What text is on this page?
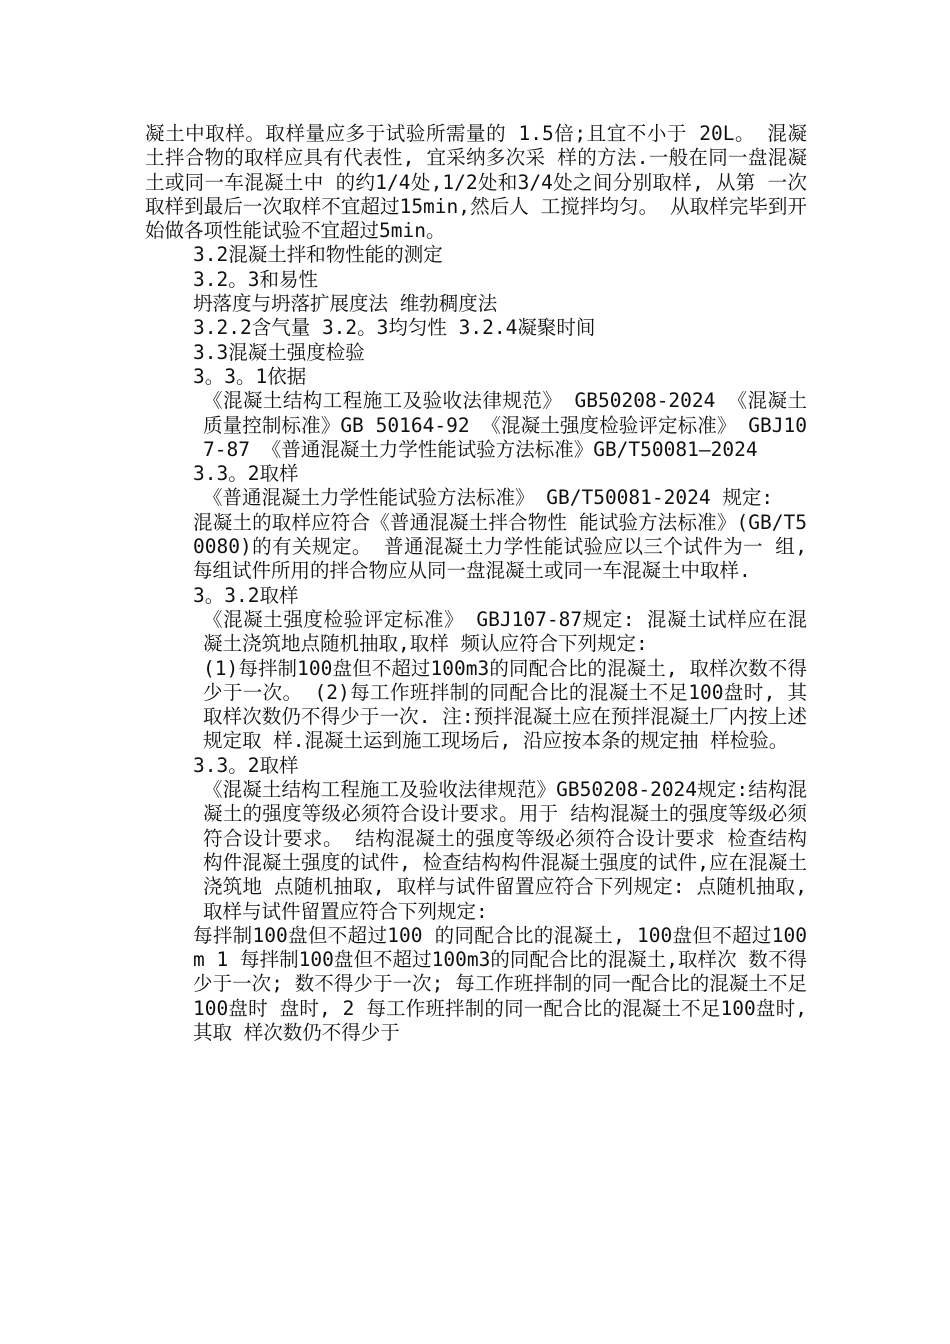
凝土中取样。取样量应多于试验所需量的 1.5倍;且宜不小于 20L。 混凝土拌合物的取样应具有代表性, 宜采纳多次采 样的方法.一般在同一盘混凝土或同一车混凝土中 的约1/4处,1/2处和3/4处之间分别取样, 从第 一次取样到最后一次取样不宜超过15min,然后人 工搅拌均匀。 从取样完毕到开始做各项性能试验不宜超过5min。

3.2混凝土拌和物性能的测定

3.2。3和易性

坍落度与坍落扩展度法 维勃稠度法

3.2.2含气量 3.2。3均匀性 3.2.4凝聚时间

3.3混凝土强度检验

3。3。1依据

《混凝土结构工程施工及验收法律规范》 GB50208-2024 《混凝土质量控制标准》GB 50164-92 《混凝土强度检验评定标准》 GBJ107-87 《普通混凝土力学性能试验方法标准》GB/T50081—2024

3.3。2取样

《普通混凝土力学性能试验方法标准》 GB/T50081-2024 规定:

混凝土的取样应符合《普通混凝土拌合物性 能试验方法标准》(GB/T50080)的有关规定。 普通混凝土力学性能试验应以三个试件为一 组, 每组试件所用的拌合物应从同一盘混凝土或同一车混凝土中取样.

3。3.2取样

《混凝土强度检验评定标准》 GBJ107-87规定: 混凝土试样应在混凝土浇筑地点随机抽取,取样 频认应符合下列规定:

(1)每拌制100盘但不超过100m3的同配合比的混凝土, 取样次数不得少于一次。 (2)每工作班拌制的同配合比的混凝土不足100盘时, 其取样次数仍不得少于一次. 注:预拌混凝土应在预拌混凝土厂内按上述规定取 样.混凝土运到施工现场后, 沿应按本条的规定抽 样检验。

3.3。2取样

《混凝土结构工程施工及验收法律规范》GB50208-2024规定:结构混凝土的强度等级必须符合设计要求。用于 结构混凝土的强度等级必须符合设计要求。 结构混凝土的强度等级必须符合设计要求 检查结构构件混凝土强度的试件, 检查结构构件混凝土强度的试件,应在混凝土浇筑地 点随机抽取, 取样与试件留置应符合下列规定: 点随机抽取,取样与试件留置应符合下列规定:

每拌制100盘但不超过100 的同配合比的混凝土, 100盘但不超过100m 1 每拌制100盘但不超过100m3的同配合比的混凝土,取样次 数不得少于一次; 数不得少于一次; 每工作班拌制的同一配合比的混凝土不足100盘时 盘时, 2 每工作班拌制的同一配合比的混凝土不足100盘时,其取 样次数仍不得少于
